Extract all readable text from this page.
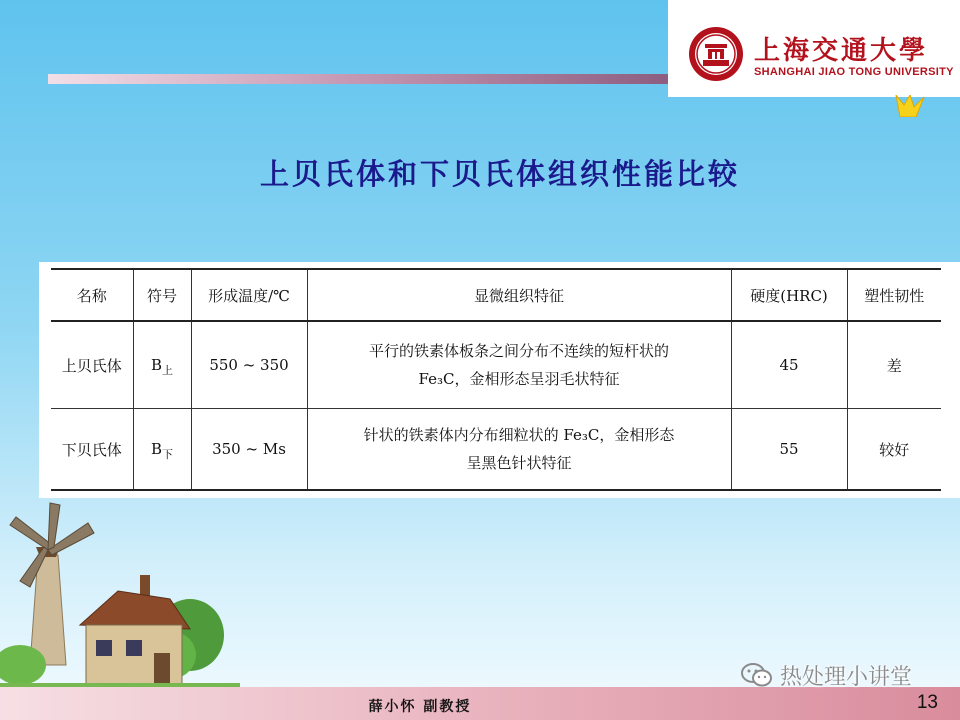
上海交通大學
SHANGHAI JIAO TONG UNIVERSITY
上贝氏体和下贝氏体组织性能比较
名称	符号	形成温度/℃	显微组织特征	硬度(HRC)	塑性韧性
上贝氏体	$B_上$	550 ~ 350	平行的铁素体板条之间分布不连续的短杆状的
Fe₃C，金相形态呈羽毛状特征	45	差
下贝氏体	$B_下$	350 ~ Ms	针状的铁素体内分布细粒状的 Fe₃C，金相形态
呈黑色针状特征	55	较好
薛小怀 副教授	13
热处理小讲堂
